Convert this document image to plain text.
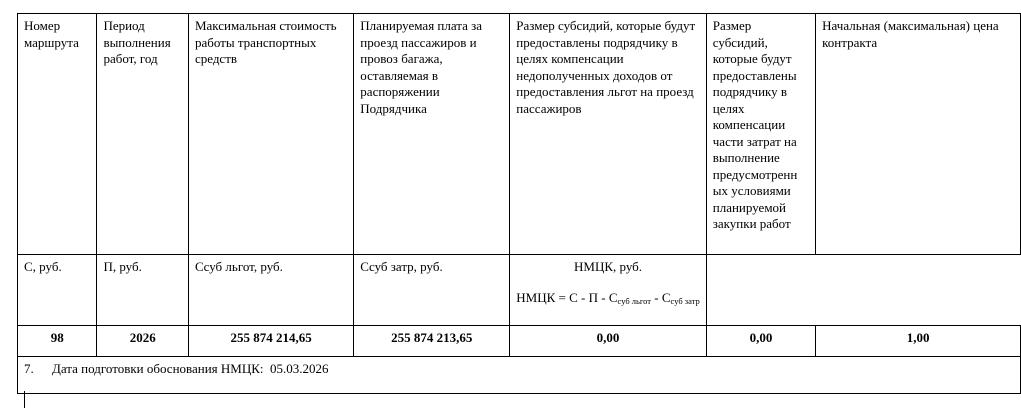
Номер маршрута	Период выполнения работ, год	Максимальная стоимость работы транспортных средств	Планируемая плата за проезд пассажиров и провоз багажа, оставляемая в распоряжении Подрядчика	Размер субсидий, которые будут предоставлены подрядчику в целях компенсации недополученных доходов от предоставления льгот на проезд пассажиров	Размер субсидий, которые будут предоставлены подрядчику в целях компенсации части затрат на выполнение предусмотренн ых условиями планируемой закупки работ	Начальная (максимальная) цена контракта
С, руб.	П, руб.	Cсуб льгот, руб.	Cсуб затр, руб.	НМЦК, руб.
НМЦК = С - П - $С_{суб льгот} - С_{суб затр}$

98	2026	255 874 214,65	255 874 213,65	0,00	0,00	1,00
7. Дата подготовки обоснования НМЦК: 05.03.2026						
